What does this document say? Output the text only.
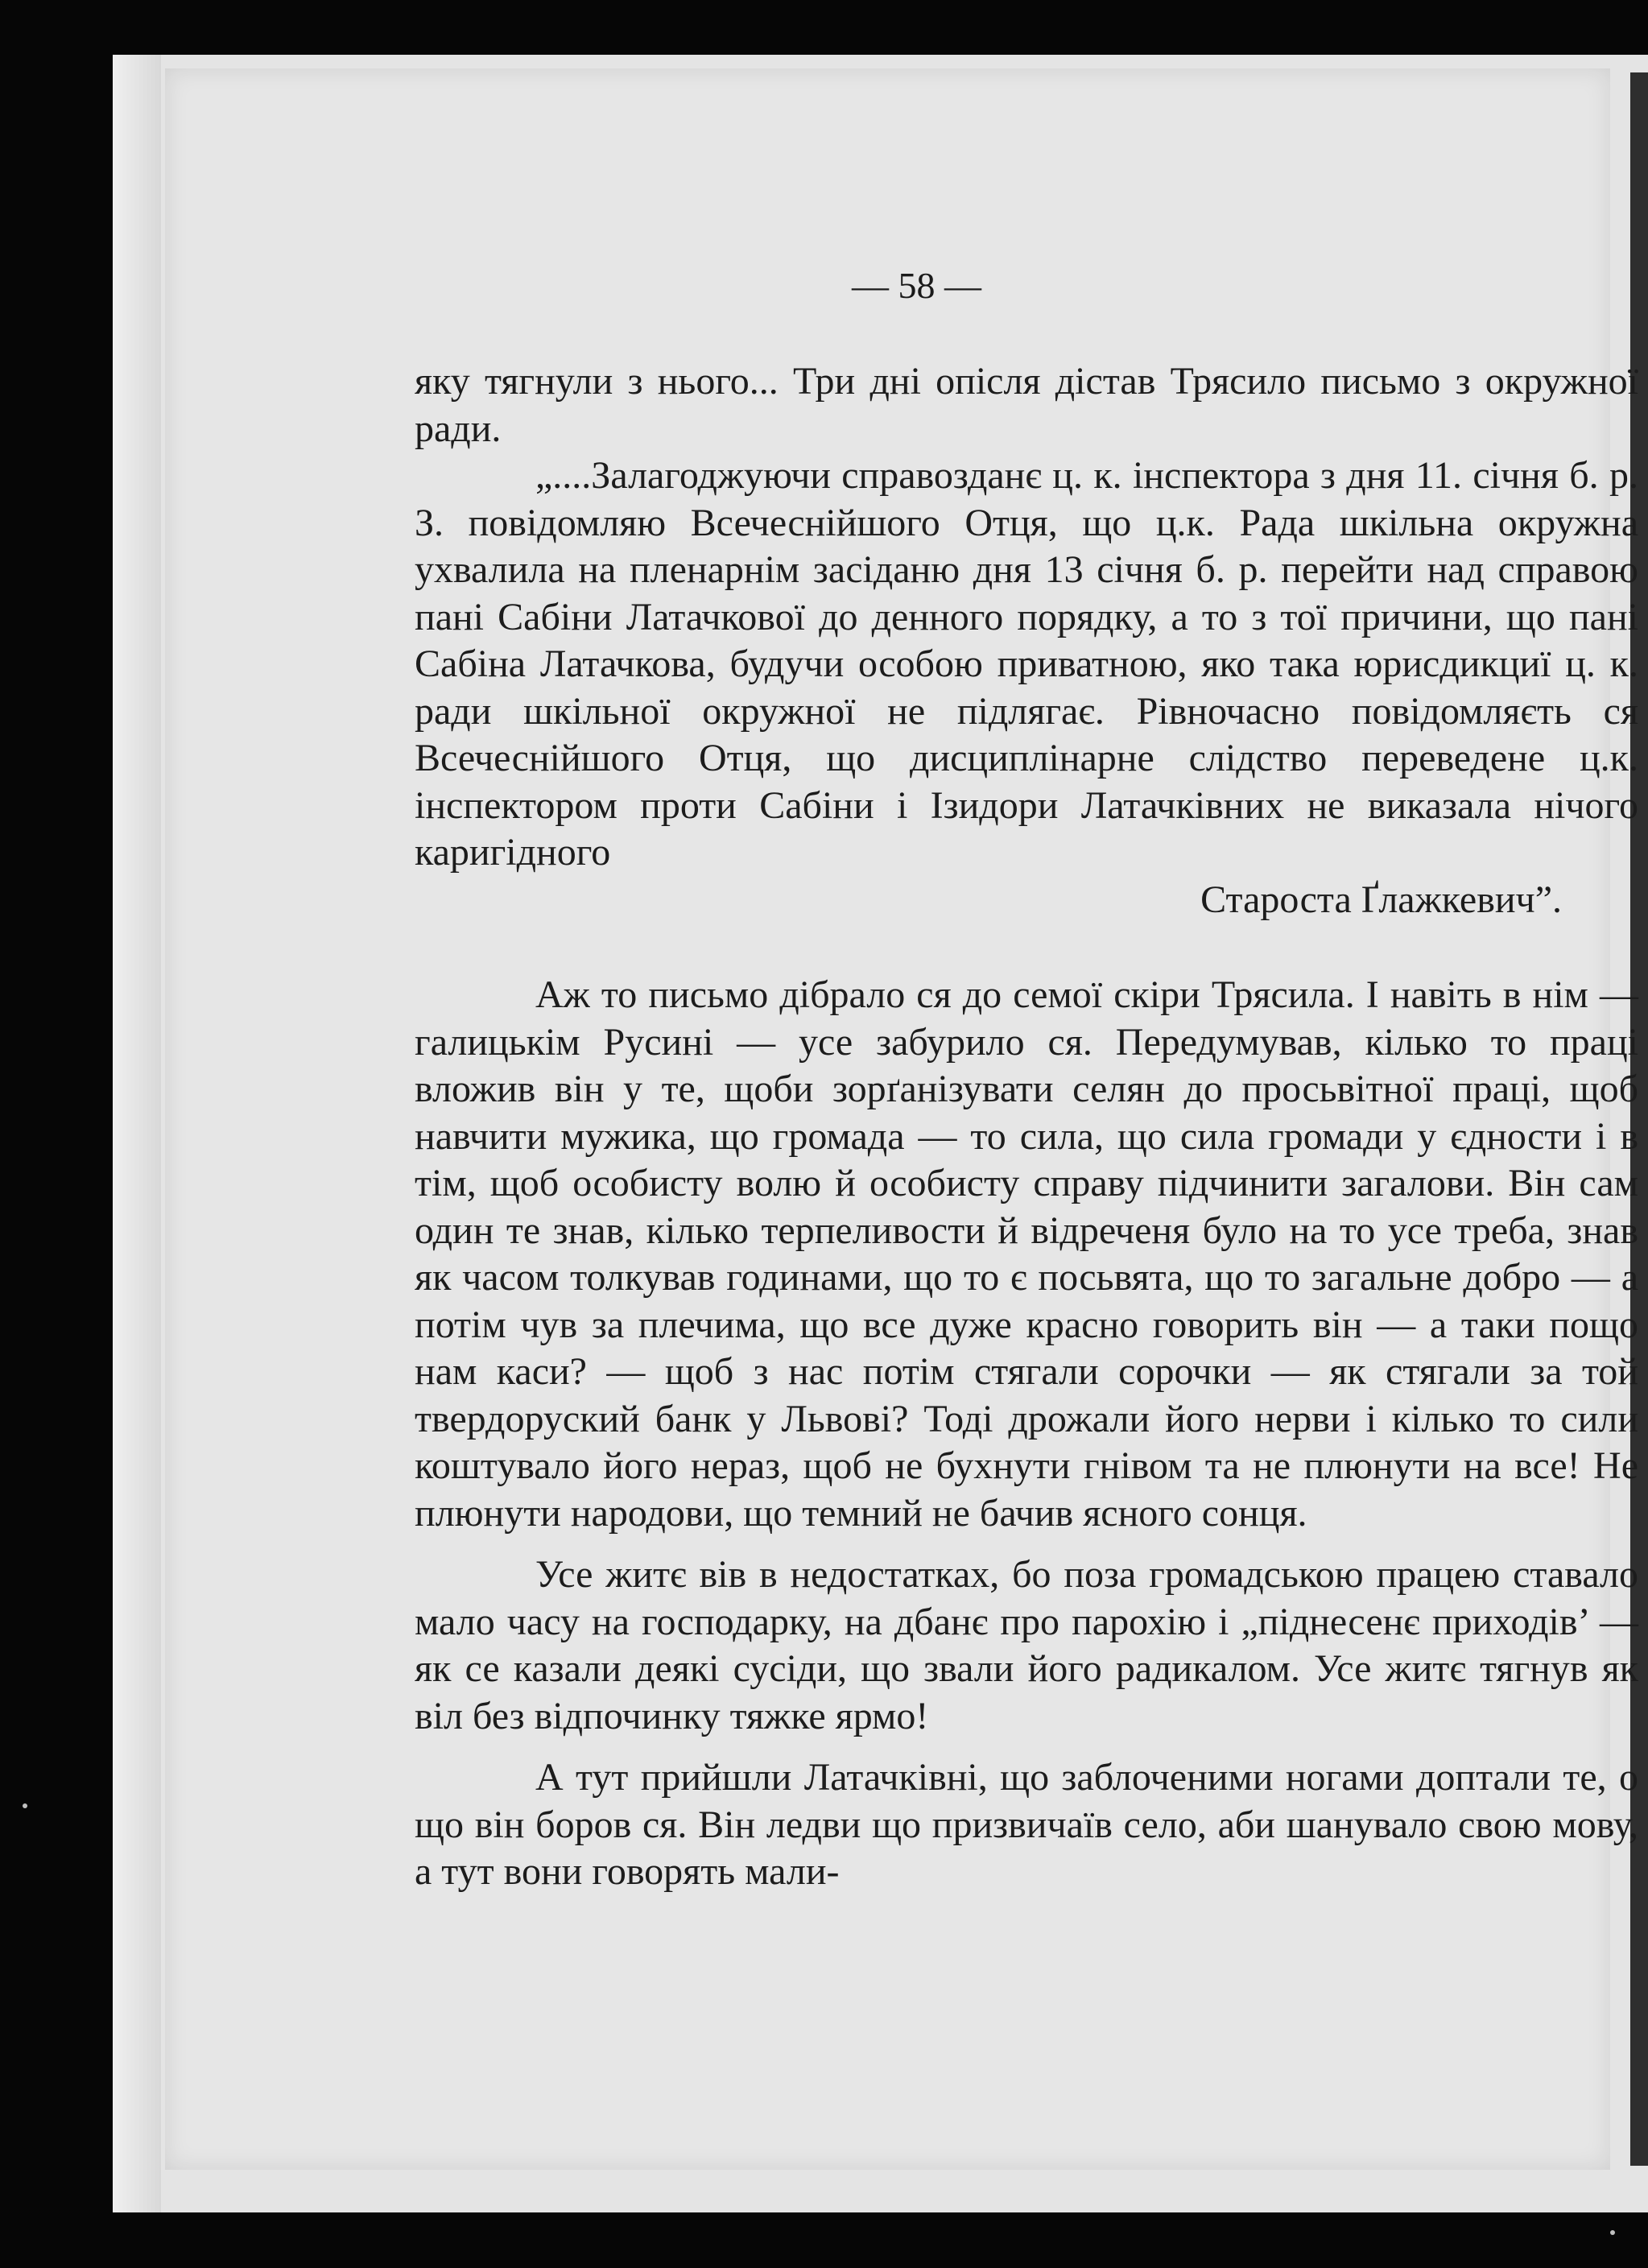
— 58 —

яку тягнули з нього... Три дні опісля дістав Трясило письмо з окружної ради.

„....Залагоджуючи справозданє ц. к. інспектора з дня 11. січня б. р. З. повідомляю Всечеснійшого Отця, що ц.к. Рада шкільна окружна ухвалила на пленарнім засіданю дня 13 січня б. р. перейти над справою пані Сабіни Латачкової до денного порядку, а то з тої причини, що пані Сабіна Латачкова, будучи особою приватною, яко така юрисдикциї ц. к. ради шкільної окружної не підлягає. Рівночасно повідомляєть ся Всечеснійшого Отця, що дисциплінарне слідство переведене ц.к. інспектором проти Сабіни і Ізидори Латачківних не виказала нічого каригідного

Староста Ґлажкевич”.

Аж то письмо дібрало ся до семої скіри Трясила. І навіть в нім — галицькім Русині — усе забурило ся. Передумував, кілько то праці вложив він у те, щоби зорґанізувати селян до просьвітної праці, щоб навчити мужика, що громада — то сила, що сила громади у єдности і в тім, щоб особисту волю й особисту справу підчинити загалови. Він сам один те знав, кілько терпеливости й відреченя було на то усе треба, знав як часом толкував годинами, що то є посьвята, що то загальне добро — а потім чув за плечима, що все дуже красно говорить він — а таки пощо нам каси? — щоб з нас потім стягали сорочки — як стягали за той твердоруский банк у Львові? Тоді дрожали його нерви і кілько то сили коштувало його нераз, щоб не бухнути гнівом та не плюнути на все! Не плюнути народови, що темний не бачив ясного сонця.

Усе житє вів в недостатках, бо поза громадською працею ставало мало часу на господарку, на дбанє про парохію і „піднесенє приходів’ — як се казали деякі сусіди, що звали його радикалом. Усе житє тягнув як віл без відпочинку тяжке ярмо!

А тут прийшли Латачківні, що заблоченими ногами доптали те, о що він боров ся. Він ледви що призвичаїв село, аби шанувало свою мову, а тут вони говорять мали-
